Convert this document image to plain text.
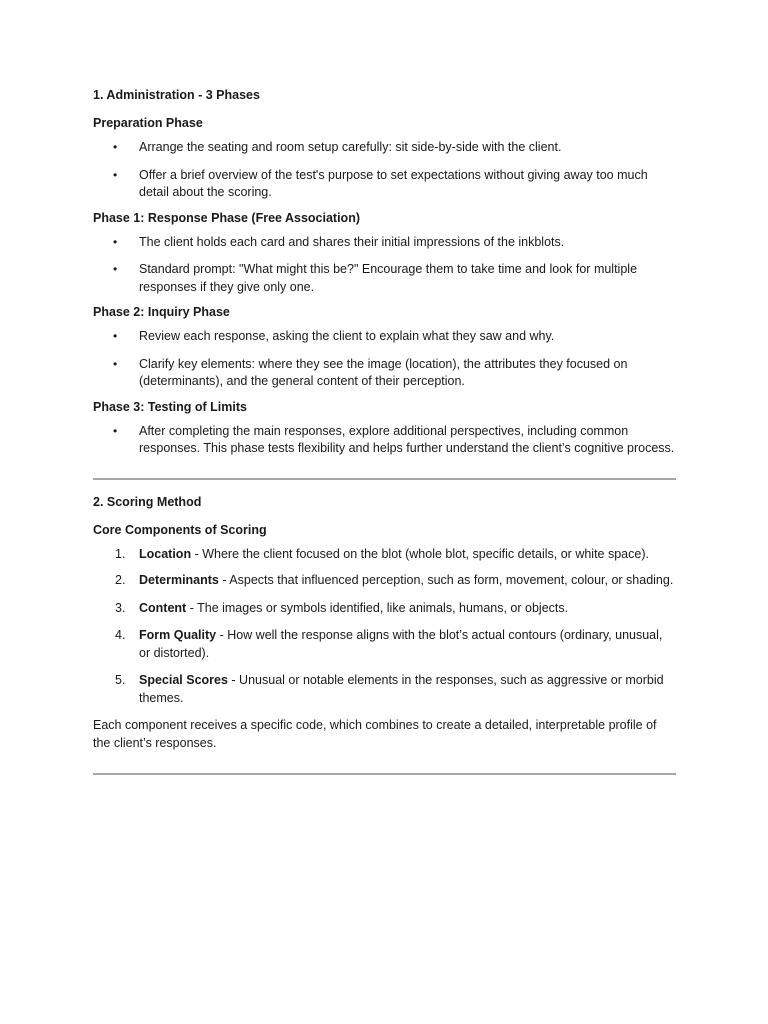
1. Administration - 3 Phases

Preparation Phase

•	Arrange the seating and room setup carefully: sit side-by-side with the client.
•	Offer a brief overview of the test's purpose to set expectations without giving away too much detail about the scoring.

Phase 1: Response Phase (Free Association)

•	The client holds each card and shares their initial impressions of the inkblots.
•	Standard prompt: "What might this be?" Encourage them to take time and look for multiple responses if they give only one.

Phase 2: Inquiry Phase

•	Review each response, asking the client to explain what they saw and why.
•	Clarify key elements: where they see the image (location), the attributes they focused on (determinants), and the general content of their perception.

Phase 3: Testing of Limits

•	After completing the main responses, explore additional perspectives, including common responses. This phase tests flexibility and helps further understand the client’s cognitive process.

2. Scoring Method

Core Components of Scoring

1.	Location - Where the client focused on the blot (whole blot, specific details, or white space).
2.	Determinants - Aspects that influenced perception, such as form, movement, colour, or shading.
3.	Content - The images or symbols identified, like animals, humans, or objects.
4.	Form Quality - How well the response aligns with the blot’s actual contours (ordinary, unusual, or distorted).
5.	Special Scores - Unusual or notable elements in the responses, such as aggressive or morbid themes.

Each component receives a specific code, which combines to create a detailed, interpretable profile of the client’s responses.
